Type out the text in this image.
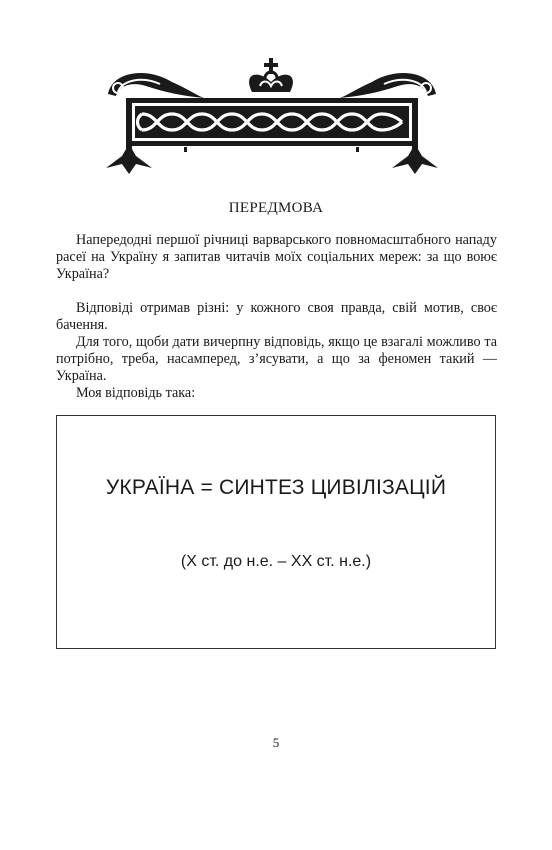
ПЕРЕДМОВА

Напередодні першої річниці варварського повномасштабного нападу расеї на Україну я запитав читачів моїх соціальних мереж: за що воює Україна?

Відповіді отримав різні: у кожного своя правда, свій мотив, своє бачення.

Для того, щоби дати вичерпну відповідь, якщо це взагалі можливо та потрібно, треба, насамперед, з’ясувати, а що за феномен такий — Україна.

Моя відповідь така:

УКРАЇНА = СИНТЕЗ ЦИВІЛІЗАЦІЙ
(X ст. до н.е. – XX ст. н.е.)
5
